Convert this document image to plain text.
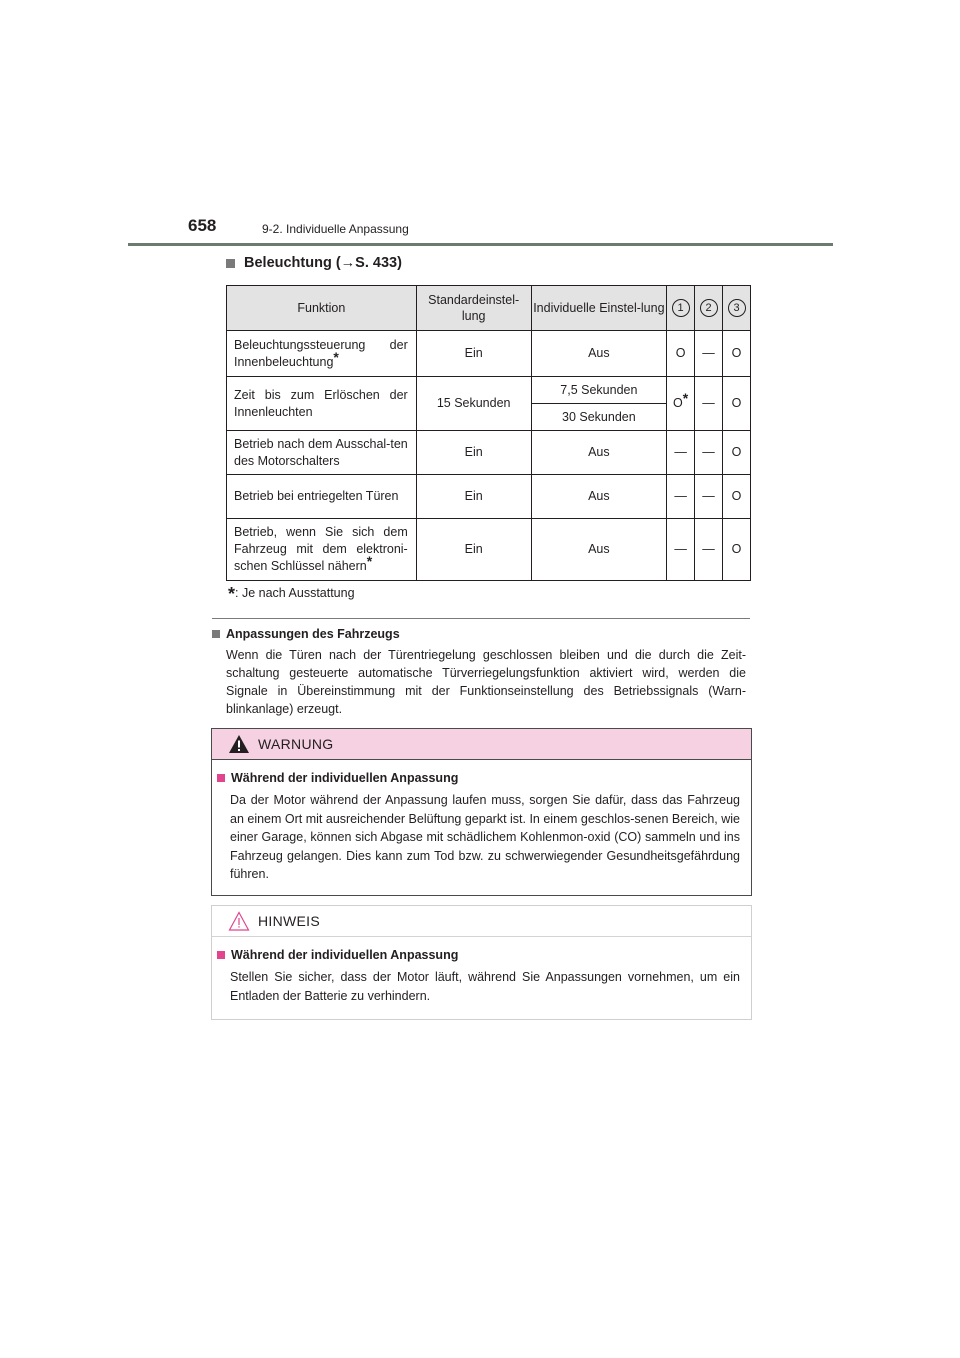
658	9-2. Individuelle Anpassung
Beleuchtung ( → S. 433)
Funktion	Standardeinstel-lung	Individuelle Einstel-lung	1	2	3
Beleuchtungssteuerung der Innenbeleuchtung*	Ein	Aus	O	—	O
Zeit bis zum Erlöschen der Innenleuchten	15 Sekunden	7,5 Sekunden	O*	—	O
		30 Sekunden			
Betrieb nach dem Ausschal-ten des Motorschalters	Ein	Aus	—	—	O
Betrieb bei entriegelten Türen	Ein	Aus	—	—	O
Betrieb, wenn Sie sich dem Fahrzeug mit dem elektroni-schen Schlüssel nähern*	Ein	Aus	—	—	O
*: Je nach Ausstattung
Anpassungen des Fahrzeugs
Wenn die Türen nach der Türentriegelung geschlossen bleiben und die durch die Zeit-schaltung gesteuerte automatische Türverriegelungsfunktion aktiviert wird, werden die Signale in Übereinstimmung mit der Funktionseinstellung des Betriebssignals (Warn-blinkanlage) erzeugt.
WARNUNG
Während der individuellen Anpassung
Da der Motor während der Anpassung laufen muss, sorgen Sie dafür, dass das Fahrzeug an einem Ort mit ausreichender Belüftung geparkt ist. In einem geschlos-senen Bereich, wie einer Garage, können sich Abgase mit schädlichem Kohlenmon-oxid (CO) sammeln und ins Fahrzeug gelangen. Dies kann zum Tod bzw. zu schwerwiegender Gesundheitsgefährdung führen.
HINWEIS
Während der individuellen Anpassung
Stellen Sie sicher, dass der Motor läuft, während Sie Anpassungen vornehmen, um ein Entladen der Batterie zu verhindern.
